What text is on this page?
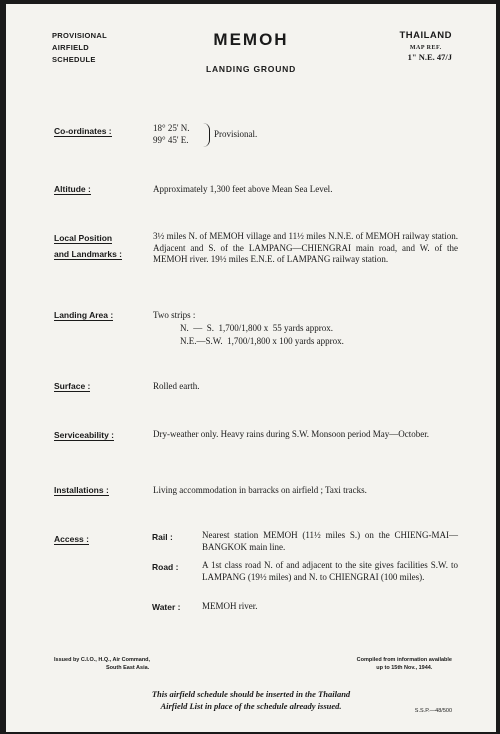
PROVISIONAL
AIRFIELD
SCHEDULE
MEMOH
LANDING GROUND
THAILAND
MAP REF.
1" N.E. 47/J
Co-ordinates :	18° 25' N.
99° 45' E.
Provisional.
Altitude :	Approximately 1,300 feet above Mean Sea Level.
Local Position
and Landmarks :
3½ miles N. of MEMOH village and 11½ miles N.N.E. of MEMOH railway station. Adjacent and S. of the LAMPANG—CHIENGRAI main road, and W. of the MEMOH river. 19½ miles E.N.E. of LAMPANG railway station.
Landing Area :	Two strips :
N.  —  S.  1,700/1,800 x  55 yards approx.
N.E.—S.W.  1,700/1,800 x 100 yards approx.
Surface :	Rolled earth.
Serviceability :	Dry-weather only. Heavy rains during S.W. Monsoon period May—October.
Installations :	Living accommodation in barracks on airfield ; Taxi tracks.
Access :	Rail :	Nearest station MEMOH (11½ miles S.) on the CHIENG-MAI—BANGKOK main line.
Road :	A 1st class road N. of and adjacent to the site gives facilities S.W. to LAMPANG (19½ miles) and N. to CHIENGRAI (100 miles).
Water : MEMOH river.
Issued by C.I.O., H.Q., Air Command,
South East Asia.
Compiled from information available
up to 15th Nov., 1944.
This airfield schedule should be inserted in the Thailand
Airfield List in place of the schedule already issued.	S.S.P.—48/500
